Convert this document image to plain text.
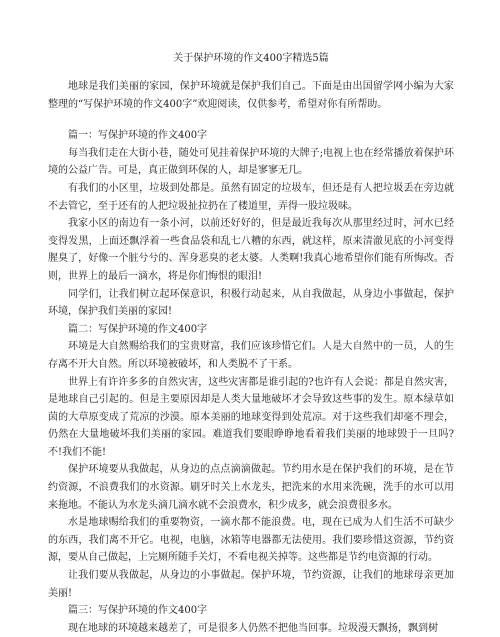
关于保护环境的作文400字精选5篇

地球是我们美丽的家园，保护环境就是保护我们自己。下面是由出国留学网小编为大家整理的“写保护环境的作文400字”欢迎阅读，仅供参考，希望对你有所帮助。

篇一：写保护环境的作文400字

每当我们走在大街小巷，随处可见挂着保护环境的大牌子;电视上也在经常播放着保护环境的公益广告。可是，真正做到环保的人，却是寥寥无几。

有我们的小区里，垃圾到处都是。虽然有固定的垃圾车，但还是有人把垃圾丢在旁边就不去管它，至于还有的人把垃圾扯拉扔在了楼道里，弄得一股垃圾味。

我家小区的南边有一条小河，以前还好好的，但是最近我每次从那里经过时，河水已经变得发黑，上面还飘浮着一些食品袋和乱七八糟的东西，就这样，原来清澈见底的小河变得腥臭了，好像一个脏兮兮的、浑身恶臭的老太婆。人类啊!我真心地希望你们能有所悔改。否则，世界上的最后一滴水，将是你们悔恨的眼泪!

同学们，让我们树立起环保意识，积极行动起来，从自我做起，从身边小事做起，保护环境，保护我们美丽的家园!

篇二：写保护环境的作文400字

环境是大自然赐给我们的宝贵财富，我们应该珍惜它们。人是大自然中的一员，人的生存离不开大自然。所以环境被破坏，和人类脱不了干系。

世界上有许许多多的自然灾害，这些灾害都是谁引起的?也许有人会说：都是自然灾害，是地球自己引起的。但是主要原因却是人类大量地破坏才会导致这些事的发生。原本绿草如茵的大草原变成了荒凉的沙漠。原本美丽的地球变得到处荒凉。对于这些我们却毫不理会，仍然在大量地破坏我们美丽的家园。难道我们要眼睁睁地看着我们美丽的地球毁于一旦吗?不!我们不能!

保护环境要从我做起，从身边的点点滴滴做起。节约用水是在保护我们的环境，是在节约资源，不浪费我们的水资源。刷牙时关上水龙头，把洗来的水用来洗碗，洗手的水可以用来拖地。不能认为水龙头滴几滴水就不会浪费水，积少成多，就会浪费很多水。

水是地球赐给我们的重要物资，一滴水都不能浪费。电，现在已成为人们生活不可缺少的东西，我们离不开它。电视，电脑，冰箱等电器都无法使用。我们要珍惜这资源，节约资源，要从自己做起，上完厕所随手关灯，不看电视关掉等。这些都是节约电资源的行动。

让我们要从我做起，从身边的小事做起。保护环境，节约资源，让我们的地球母亲更加美丽!

篇三：写保护环境的作文400字

现在地球的环境越来越差了，可是很多人仍然不把他当回事。垃圾漫天飘扬，飘到树
